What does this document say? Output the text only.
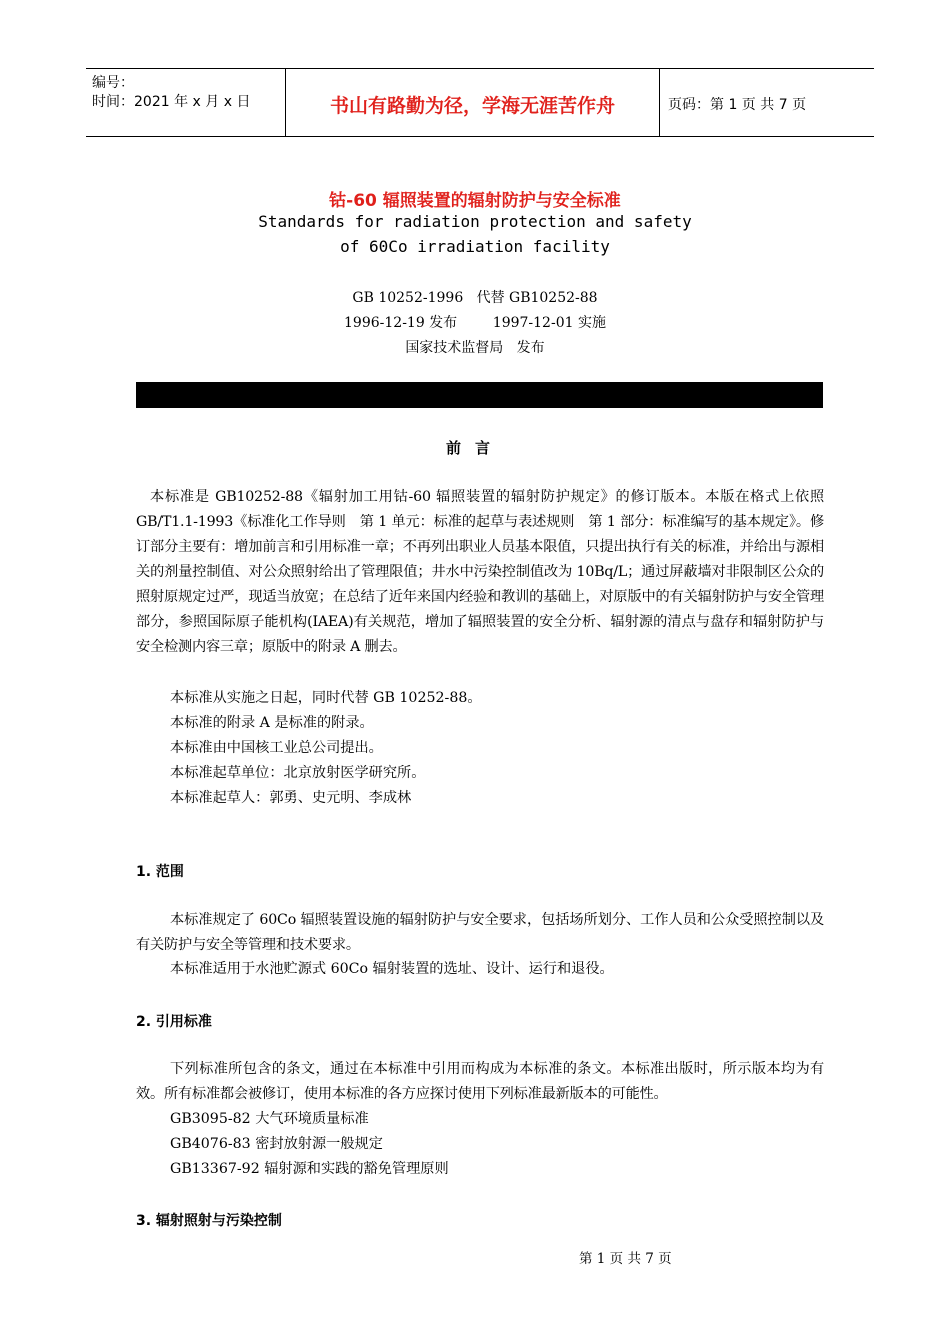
编号：
时间：2021 年 x 月 x 日	书山有路勤为径，学海无涯苦作舟	页码：第 1 页 共 7 页
钴-60 辐照装置的辐射防护与安全标准
Standards for radiation protection and safety
of 60Co irradiation facility
GB 10252-1996   代替 GB10252-88
1996-12-19 发布        1997-12-01 实施
国家技术监督局   发布
前言
本标准是 GB10252-88《辐射加工用钴-60 辐照装置的辐射防护规定》的修订版本。本版在格式上依照 GB/T1.1-1993《标准化工作导则　第 1 单元：标准的起草与表述规则　第 1 部分：标准编写的基本规定》。修订部分主要有：增加前言和引用标准一章；不再列出职业人员基本限值，只提出执行有关的标准，并给出与源相关的剂量控制值、对公众照射给出了管理限值；井水中污染控制值改为 10Bq/L；通过屏蔽墙对非限制区公众的照射原规定过严，现适当放宽；在总结了近年来国内经验和教训的基础上，对原版中的有关辐射防护与安全管理部分，参照国际原子能机构(IAEA)有关规范，增加了辐照装置的安全分析、辐射源的清点与盘存和辐射防护与安全检测内容三章；原版中的附录 A 删去。
本标准从实施之日起，同时代替 GB 10252-88。
本标准的附录 A 是标准的附录。
本标准由中国核工业总公司提出。
本标准起草单位：北京放射医学研究所。
本标准起草人：郭勇、史元明、李成林
1. 范围
本标准规定了 60Co 辐照装置设施的辐射防护与安全要求，包括场所划分、工作人员和公众受照控制以及有关防护与安全等管理和技术要求。
本标准适用于水池贮源式 60Co 辐射装置的选址、设计、运行和退役。
2. 引用标准
下列标准所包含的条文，通过在本标准中引用而构成为本标准的条文。本标准出版时，所示版本均为有效。所有标准都会被修订，使用本标准的各方应探讨使用下列标准最新版本的可能性。
GB3095-82 大气环境质量标准
GB4076-83 密封放射源一般规定
GB13367-92 辐射源和实践的豁免管理原则
3. 辐射照射与污染控制
第 1 页 共 7 页
